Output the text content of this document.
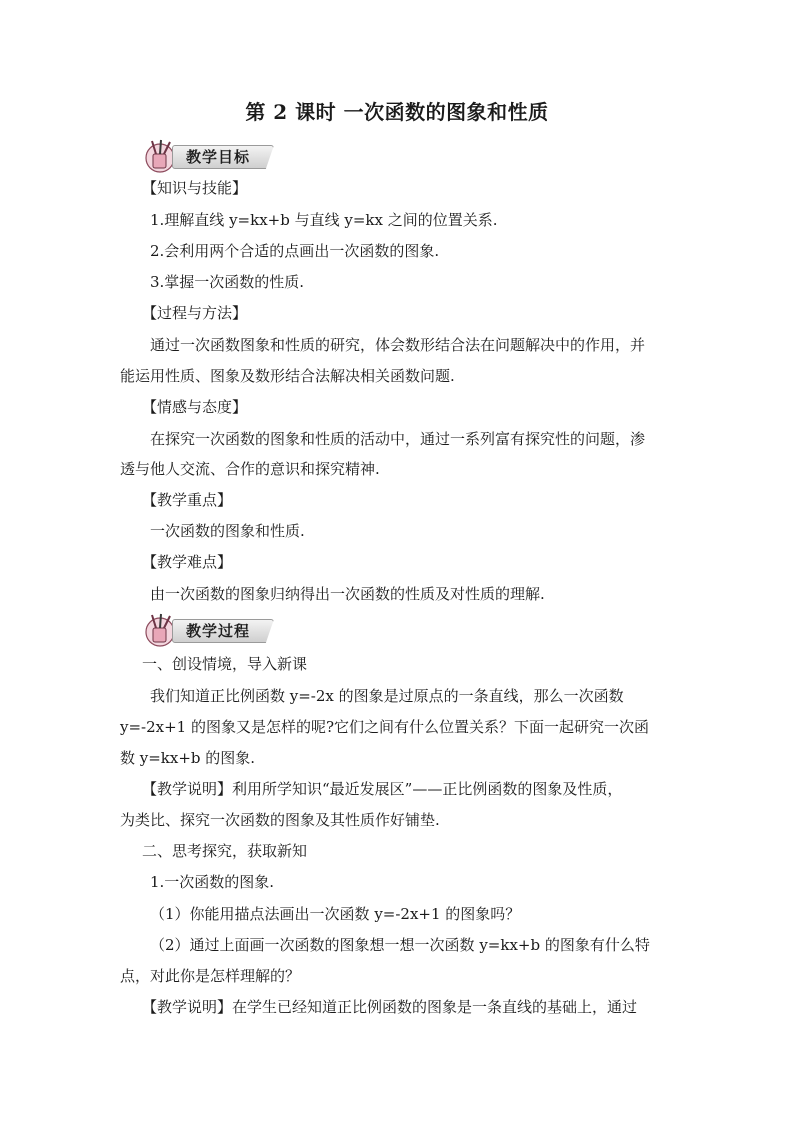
第 2 课时 一次函数的图象和性质
教学目标
【知识与技能】
1.理解直线 y=kx+b 与直线 y=kx 之间的位置关系.
2.会利用两个合适的点画出一次函数的图象.
3.掌握一次函数的性质.
【过程与方法】
通过一次函数图象和性质的研究，体会数形结合法在问题解决中的作用，并
能运用性质、图象及数形结合法解决相关函数问题.
【情感与态度】
在探究一次函数的图象和性质的活动中，通过一系列富有探究性的问题，渗
透与他人交流、合作的意识和探究精神.
【教学重点】
一次函数的图象和性质.
【教学难点】
由一次函数的图象归纳得出一次函数的性质及对性质的理解.
教学过程
一、创设情境，导入新课
我们知道正比例函数 y=-2x 的图象是过原点的一条直线，那么一次函数
y=-2x+1 的图象又是怎样的呢?它们之间有什么位置关系？下面一起研究一次函
数 y=kx+b 的图象.
【教学说明】利用所学知识“最近发展区”——正比例函数的图象及性质，
为类比、探究一次函数的图象及其性质作好铺垫.
二、思考探究，获取新知
1.一次函数的图象.
（1）你能用描点法画出一次函数 y=-2x+1 的图象吗？
（2）通过上面画一次函数的图象想一想一次函数 y=kx+b 的图象有什么特
点，对此你是怎样理解的？
【教学说明】在学生已经知道正比例函数的图象是一条直线的基础上，通过
